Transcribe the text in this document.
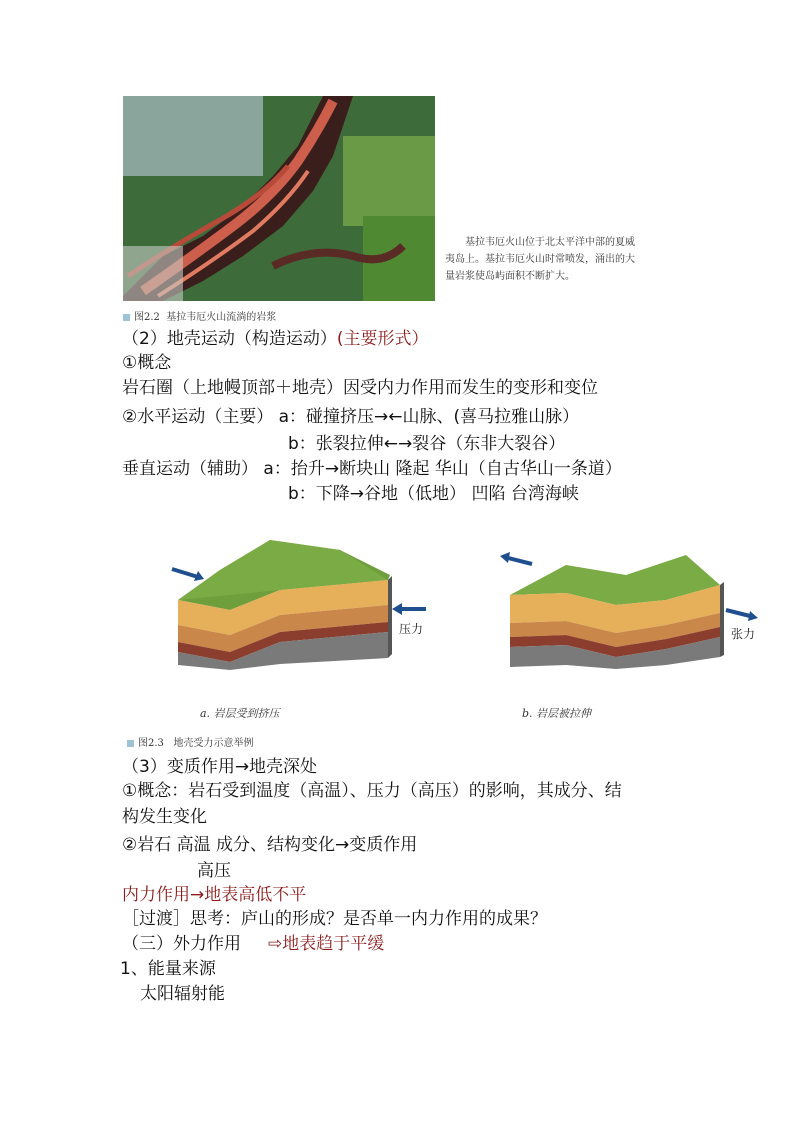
基拉韦厄火山位于北太平洋中部的夏威
夷岛上。基拉韦厄火山时常喷发，涌出的大
量岩浆使岛屿面积不断扩大。
图2.2 基拉韦厄火山流淌的岩浆
（2）地壳运动（构造运动）(主要形式）
①概念
岩石圈（上地幔顶部＋地壳）因受内力作用而发生的变形和变位
②水平运动（主要） a：碰撞挤压→←山脉、(喜马拉雅山脉）
b：张裂拉伸←→裂谷（东非大裂谷）
垂直运动（辅助） a：抬升→断块山 隆起 华山（自古华山一条道）
b：下降→谷地（低地） 凹陷 台湾海峡
压力	张力
a. 岩层受到挤压	b. 岩层被拉伸
图2.3 地壳受力示意举例
（3）变质作用→地壳深处
①概念：岩石受到温度（高温）、压力（高压）的影响，其成分、结
构发生变化
②岩石 高温 成分、结构变化→变质作用
高压
内力作用→地表高低不平
［过渡］思考：庐山的形成？是否单一内力作用的成果？
（三）外力作用 ⇨地表趋于平缓
1、能量来源
太阳辐射能
